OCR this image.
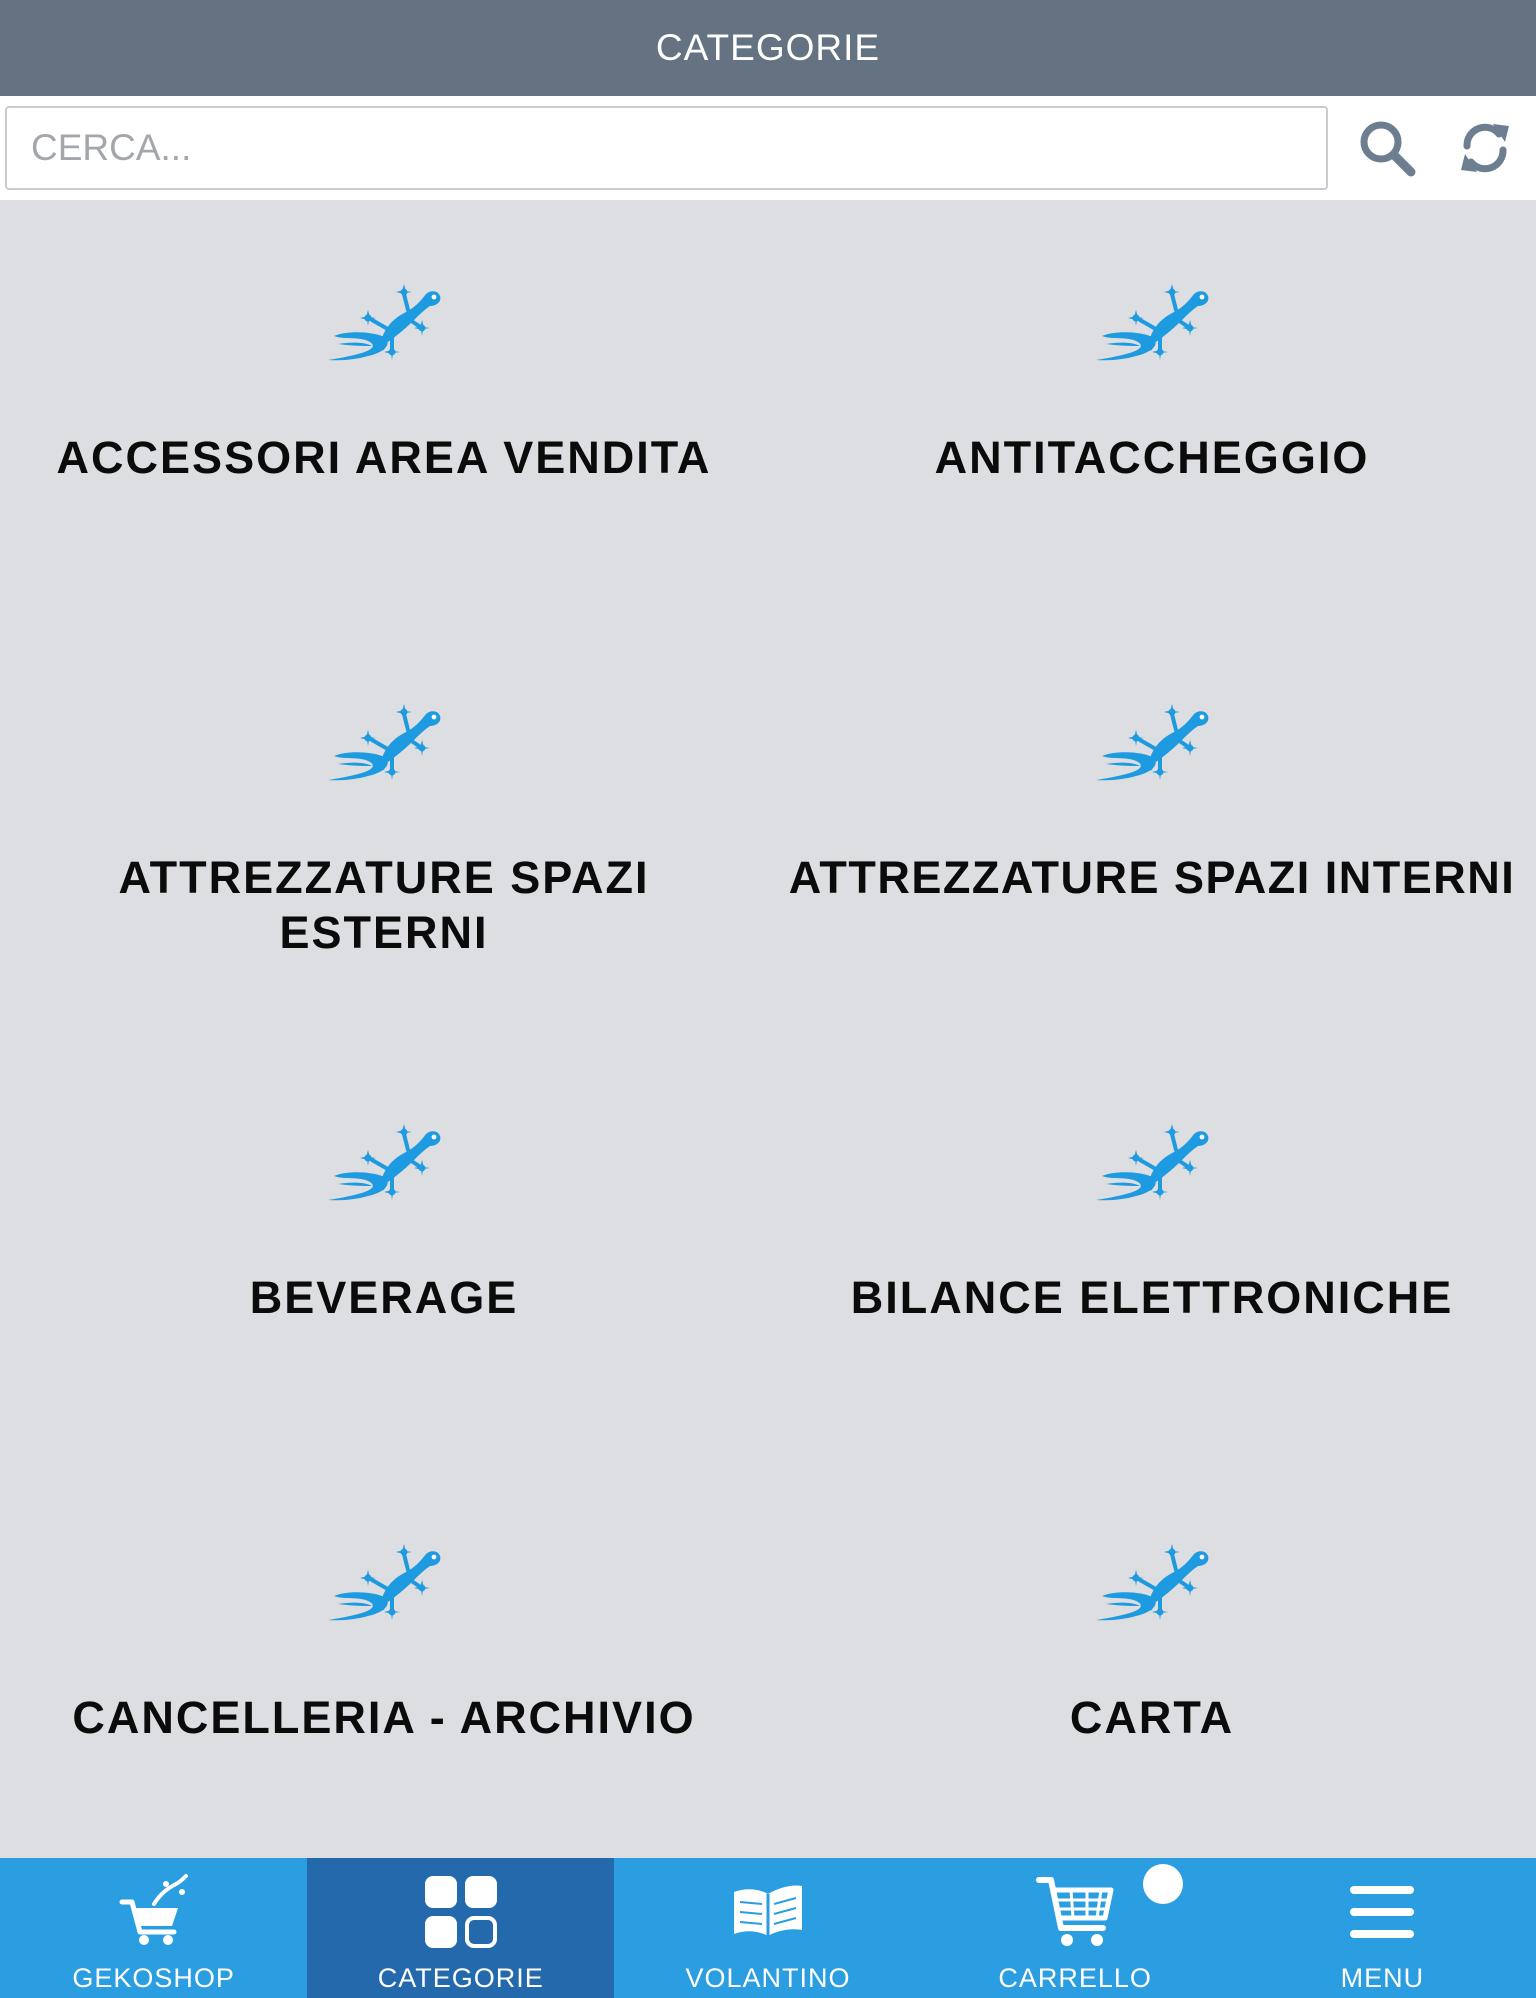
CATEGORIE
CERCA...
ACCESSORI AREA VENDITA	ANTITACCHEGGIO
ATTREZZATURE SPAZI ESTERNI
ATTREZZATURE SPAZI INTERNI
BEVERAGE	BILANCE ELETTRONICHE
CANCELLERIA - ARCHIVIO	CARTA
GEKOSHOP	CATEGORIE	VOLANTINO	CARRELLO	MENU
